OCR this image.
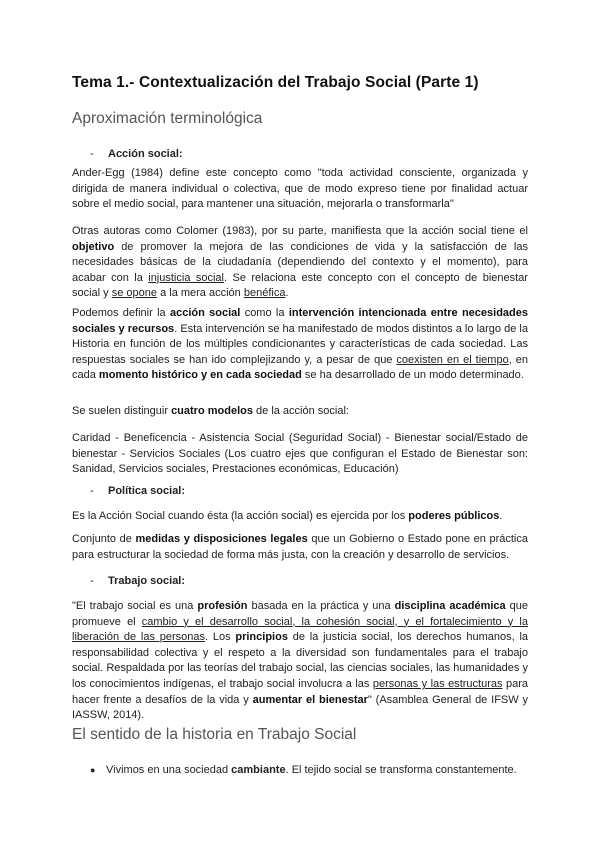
Tema 1.- Contextualización del Trabajo Social (Parte 1)
Aproximación terminológica
- Acción social:

Ander-Egg (1984) define este concepto como "toda actividad consciente, organizada y dirigida de manera individual o colectiva, que de modo expreso tiene por finalidad actuar sobre el medio social, para mantener una situación, mejorarla o transformarla"

Otras autoras como Colomer (1983), por su parte, manifiesta que la acción social tiene el objetivo de promover la mejora de las condiciones de vida y la satisfacción de las necesidades básicas de la ciudadanía (dependiendo del contexto y el momento), para acabar con la injusticia social. Se relaciona este concepto con el concepto de bienestar social y se opone a la mera acción benéfica.

Podemos definir la acción social como la intervención intencionada entre necesidades sociales y recursos. Esta intervención se ha manifestado de modos distintos a lo largo de la Historia en función de los múltiples condicionantes y características de cada sociedad. Las respuestas sociales se han ido complejizando y, a pesar de que coexisten en el tiempo, en cada momento histórico y en cada sociedad se ha desarrollado de un modo determinado.

Se suelen distinguir cuatro modelos de la acción social:

Caridad - Beneficencia - Asistencia Social (Seguridad Social) - Bienestar social/Estado de bienestar - Servicios Sociales (Los cuatro ejes que configuran el Estado de Bienestar son: Sanidad, Servicios sociales, Prestaciones económicas, Educación)

- Política social:

Es la Acción Social cuando ésta (la acción social) es ejercida por los poderes públicos.

Conjunto de medidas y disposiciones legales que un Gobierno o Estado pone en práctica para estructurar la sociedad de forma más justa, con la creación y desarrollo de servicios.

- Trabajo social:

"El trabajo social es una profesión basada en la práctica y una disciplina académica que promueve el cambio y el desarrollo social, la cohesión social, y el fortalecimiento y la liberación de las personas. Los principios de la justicia social, los derechos humanos, la responsabilidad colectiva y el respeto a la diversidad son fundamentales para el trabajo social. Respaldada por las teorías del trabajo social, las ciencias sociales, las humanidades y los conocimientos indígenas, el trabajo social involucra a las personas y las estructuras para hacer frente a desafíos de la vida y aumentar el bienestar" (Asamblea General de IFSW y IASSW, 2014).

El sentido de la historia en Trabajo Social
● Vivimos en una sociedad cambiante. El tejido social se transforma constantemente.
